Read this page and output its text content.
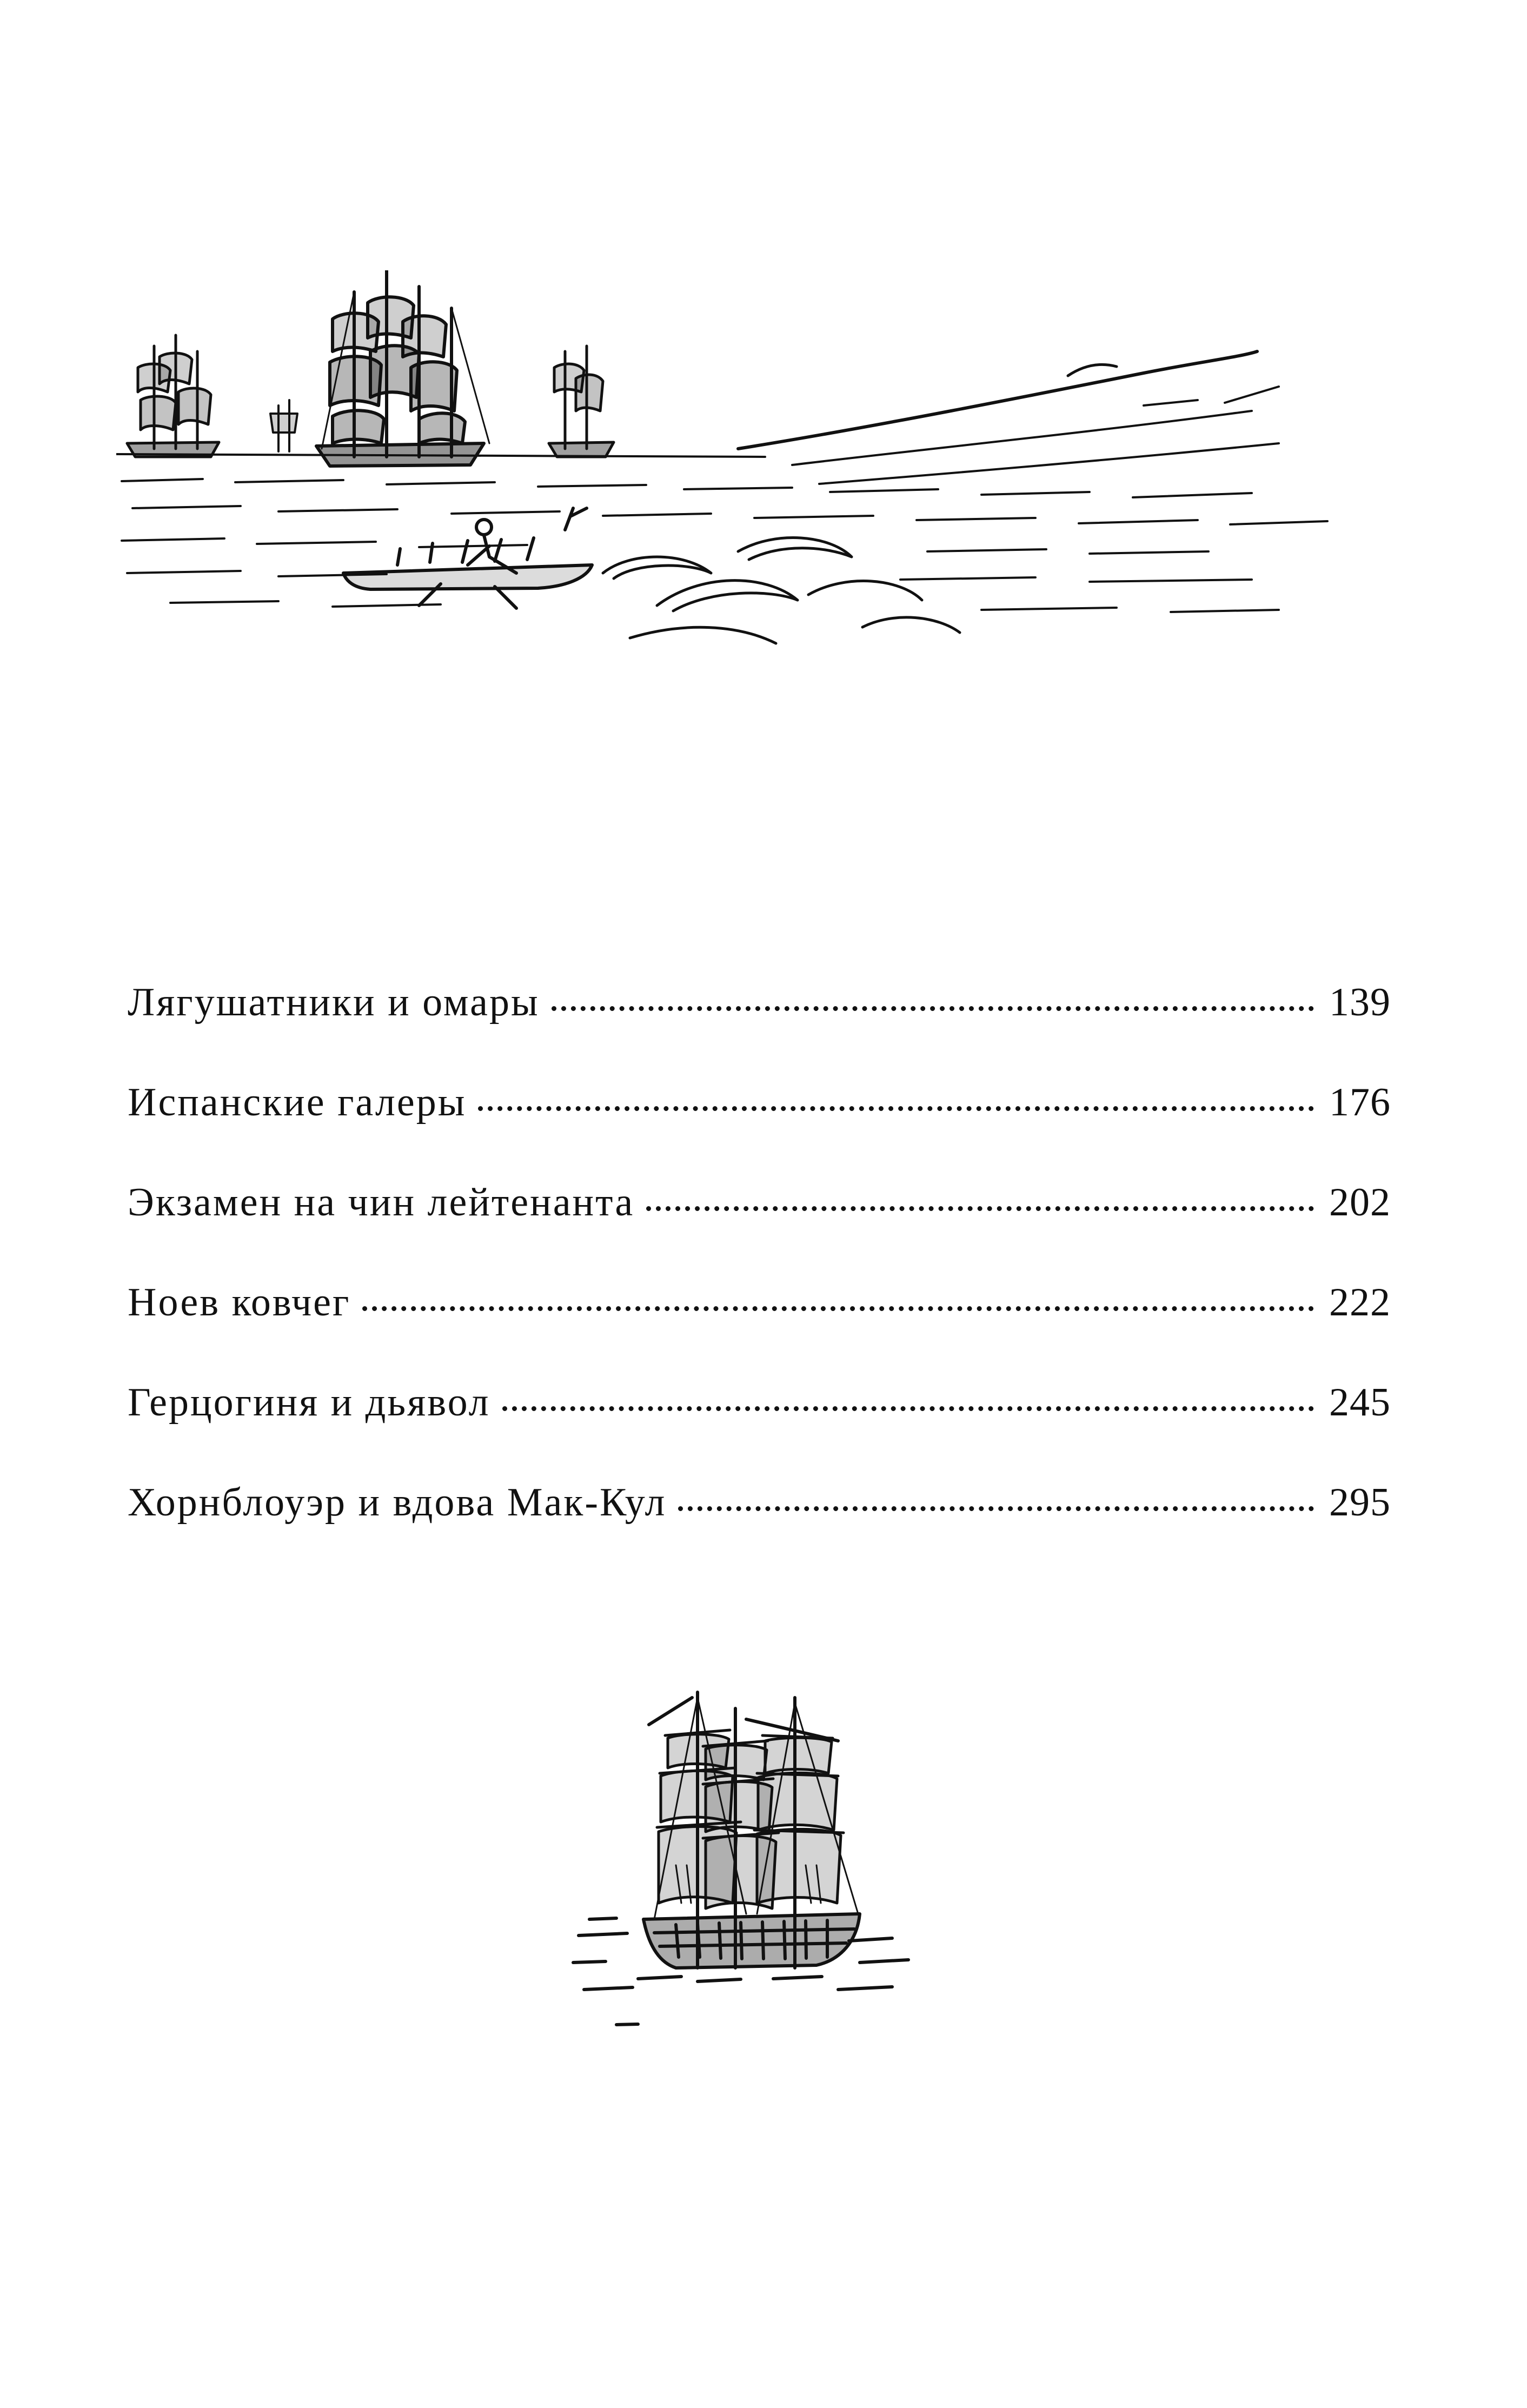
Лягушатники и омары	139
Испанские галеры	176
Экзамен на чин лейтенанта	202
Ноев ковчег	222
Герцогиня и дьявол	245
Хорнблоуэр и вдова Мак-Кул	295
